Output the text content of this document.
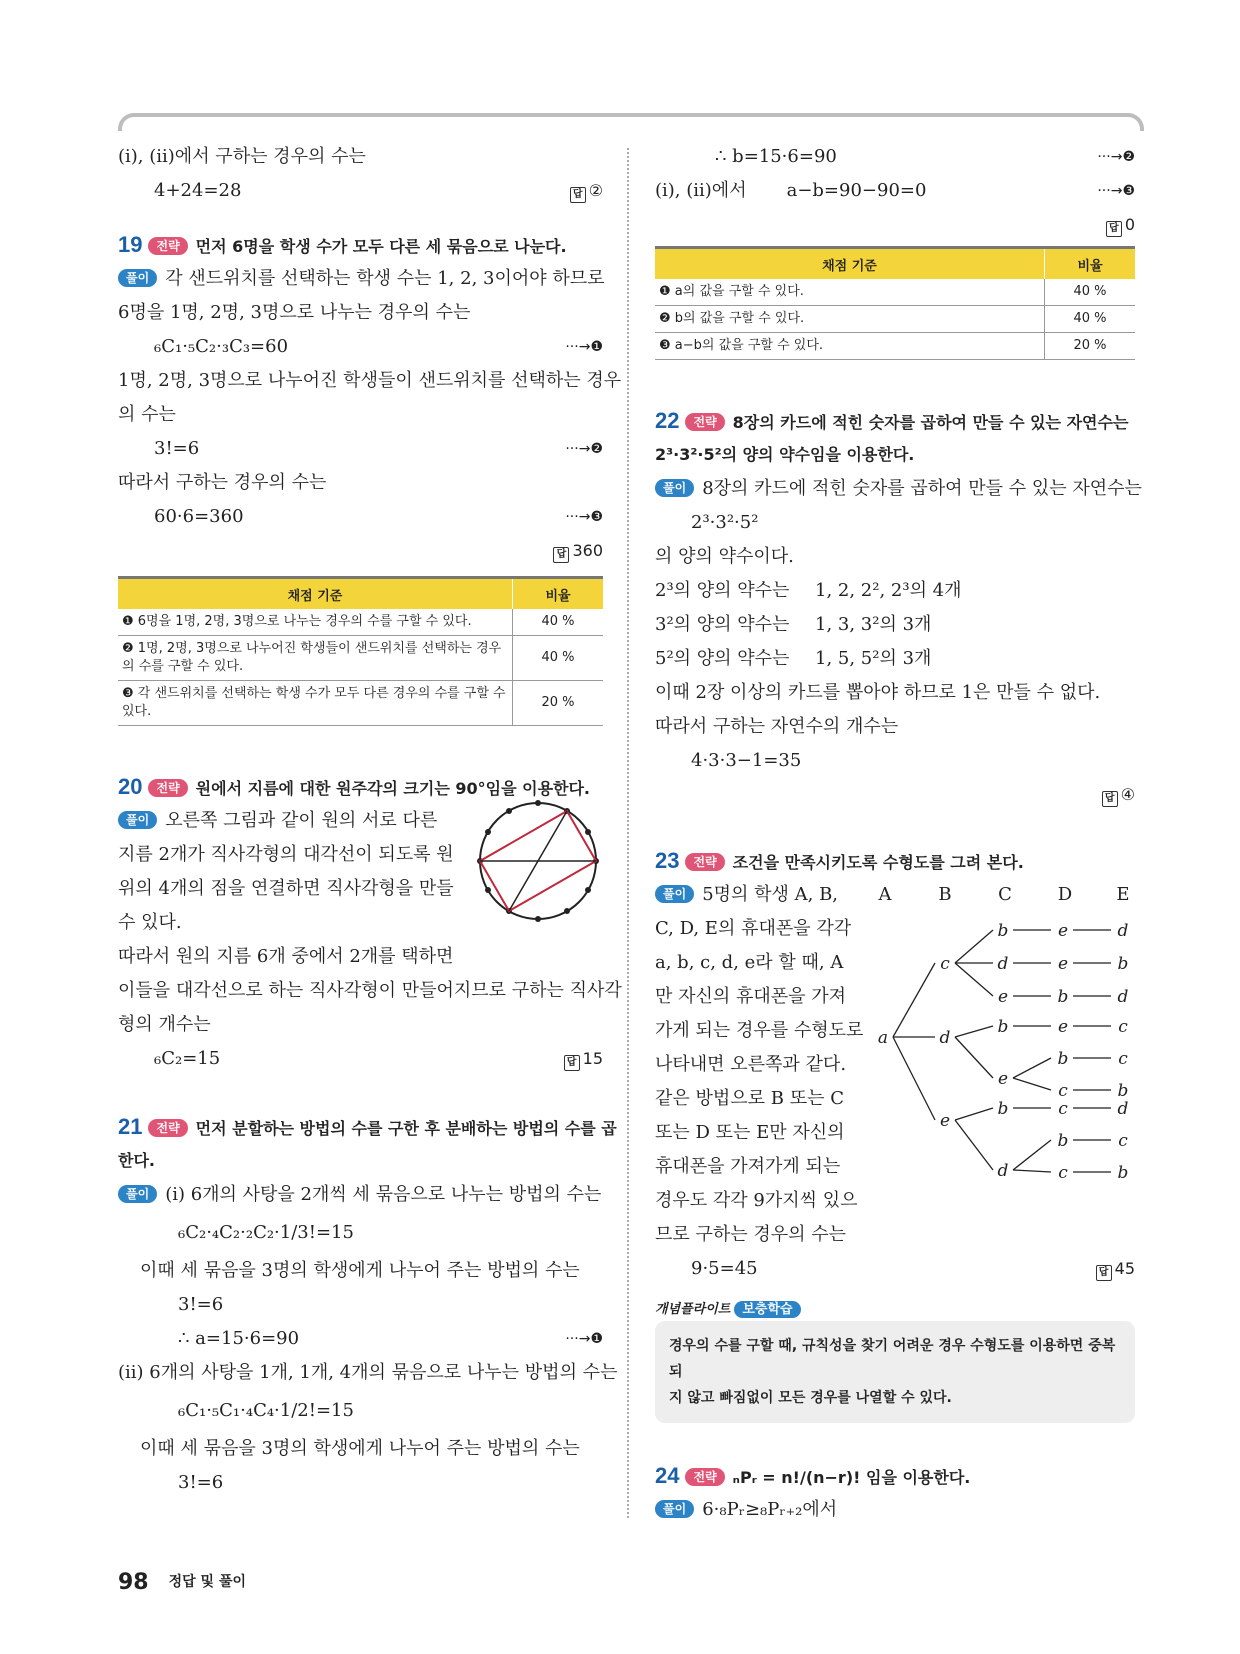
(i), (ii)에서 구하는 경우의 수는
4+24=28	답 ②
19 전략 먼저 6명을 학생 수가 모두 다른 세 묶음으로 나눈다.
풀이 각 샌드위치를 선택하는 학생 수는 1, 2, 3이어야 하므로
6명을 1명, 2명, 3명으로 나누는 경우의 수는
₆C₁·₅C₂·₃C₃=60	···→❶
1명, 2명, 3명으로 나누어진 학생들이 샌드위치를 선택하는 경우
의 수는
3!=6	···→❷
따라서 구하는 경우의 수는
60·6=360	···→❸
답 360
채점 기준	비율
❶ 6명을 1명, 2명, 3명으로 나누는 경우의 수를 구할 수 있다.	40 %
❷ 1명, 2명, 3명으로 나누어진 학생들이 샌드위치를 선택하는 경우의 수를 구할 수 있다.	40 %
❸ 각 샌드위치를 선택하는 학생 수가 모두 다른 경우의 수를 구할 수 있다.	20 %
20 전략 원에서 지름에 대한 원주각의 크기는 90°임을 이용한다.
풀이 오른쪽 그림과 같이 원의 서로 다른
지름 2개가 직사각형의 대각선이 되도록 원
위의 4개의 점을 연결하면 직사각형을 만들
수 있다.
따라서 원의 지름 6개 중에서 2개를 택하면
이들을 대각선으로 하는 직사각형이 만들어지므로 구하는 직사각
형의 개수는
₆C₂=15	답 15
21 전략 먼저 분할하는 방법의 수를 구한 후 분배하는 방법의 수를 곱
한다.
풀이 (i) 6개의 사탕을 2개씩 세 묶음으로 나누는 방법의 수는
₆C₂·₄C₂·₂C₂·1/3!=15
이때 세 묶음을 3명의 학생에게 나누어 주는 방법의 수는
3!=6
∴ a=15·6=90	···→❶
(ii) 6개의 사탕을 1개, 1개, 4개의 묶음으로 나누는 방법의 수는
₆C₁·₅C₁·₄C₄·1/2!=15
이때 세 묶음을 3명의 학생에게 나누어 주는 방법의 수는
3!=6
∴ b=15·6=90	···→❷
(i), (ii)에서 a−b=90−90=0	···→❸
답 0
채점 기준	비율
❶ a의 값을 구할 수 있다.	40 %
❷ b의 값을 구할 수 있다.	40 %
❸ a−b의 값을 구할 수 있다.	20 %
22 전략 8장의 카드에 적힌 숫자를 곱하여 만들 수 있는 자연수는
2³·3²·5²의 양의 약수임을 이용한다.
풀이 8장의 카드에 적힌 숫자를 곱하여 만들 수 있는 자연수는
2³·3²·5²
의 양의 약수이다.
2³의 양의 약수는 1, 2, 2², 2³의 4개
3²의 양의 약수는 1, 3, 3²의 3개
5²의 양의 약수는 1, 5, 5²의 3개
이때 2장 이상의 카드를 뽑아야 하므로 1은 만들 수 없다.
따라서 구하는 자연수의 개수는
4·3·3−1=35
답 ④
23 전략 조건을 만족시키도록 수형도를 그려 본다.
A	B	C	D E
a
c
d
e
b
d
e
b
e
b
d
e
e
b
e
b
c
c
b
c
d
b
d
c
c
b
d
c
b
풀이 5명의 학생 A, B,
C, D, E의 휴대폰을 각각
a, b, c, d, e라 할 때, A
만 자신의 휴대폰을 가져
가게 되는 경우를 수형도로
나타내면 오른쪽과 같다.
같은 방법으로 B 또는 C
또는 D 또는 E만 자신의
휴대폰을 가져가게 되는
경우도 각각 9가지씩 있으
므로 구하는 경우의 수는
9·5=45	답 45
개념플라이트 보충학습
경우의 수를 구할 때, 규칙성을 찾기 어려운 경우 수형도를 이용하면 중복되
지 않고 빠짐없이 모든 경우를 나열할 수 있다.
24 전략 ₙPᵣ = n!/(n−r)! 임을 이용한다.
풀이 6·₈Pᵣ≥₈Pᵣ₊₂에서
98 정답 및 풀이
